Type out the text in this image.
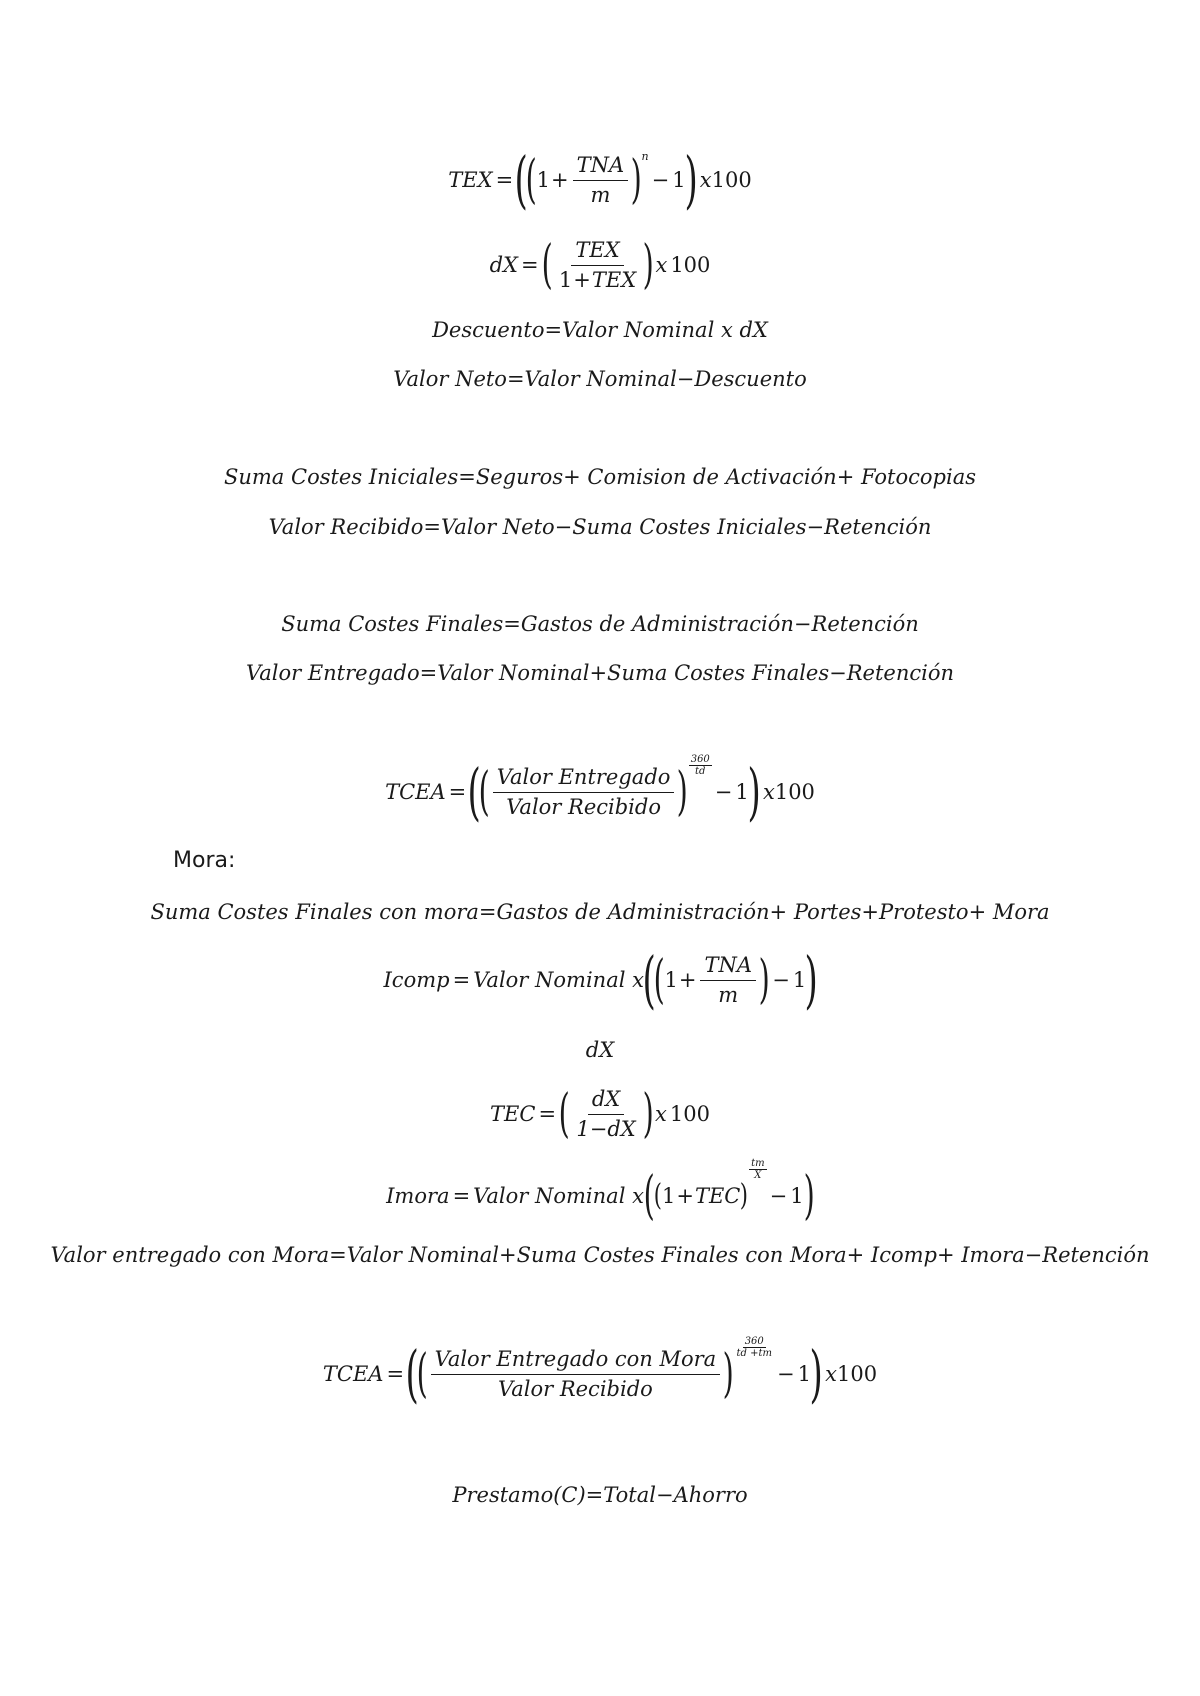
TEX = (
( $1 + \frac{\text{TNA}}{m}$ ) n
− 1
) x 100
dX = ( $\frac{\text{TEX}}{\text{1+TEX}}$ ) x 100
Descuento=Valor Nominal x dX
Valor Neto=Valor Nominal−Descuento
Suma Costes Iniciales=Seguros+ Comision de Activación+ Fotocopias
Valor Recibido=Valor Neto−Suma Costes Iniciales−Retención
Suma Costes Finales=Gastos de Administración−Retención
Valor Entregado=Valor Nominal+Suma Costes Finales−Retención
TCEA = (
( $\frac{\text{Valor Entregado}}{\text{Valor Recibido}}$ ) $\frac{360}{td}$
− 1
) x 100
Mora:
Suma Costes Finales con mora=Gastos de Administración+ Portes+Protesto+ Mora
Icomp = Valor Nominal x
(
( $1 + \frac{\text{TNA}}{m}$ ) − 1
)
dX
TEC = ( $\frac{dX}{1-dX}$ ) x 100
Imora = Valor Nominal x ( ( 1 + TEC )
$\frac{tm}{X}$
− 1 )
Valor entregado con Mora=Valor Nominal+Suma Costes Finales con Mora+ Icomp+ Imora−Retención
TCEA = (
( $\frac{\text{Valor Entregado con Mora}}{\text{Valor Recibido}}$ ) $\frac{360}{td +tm}$
− 1
) x 100
Prestamo(C)=Total−Ahorro
